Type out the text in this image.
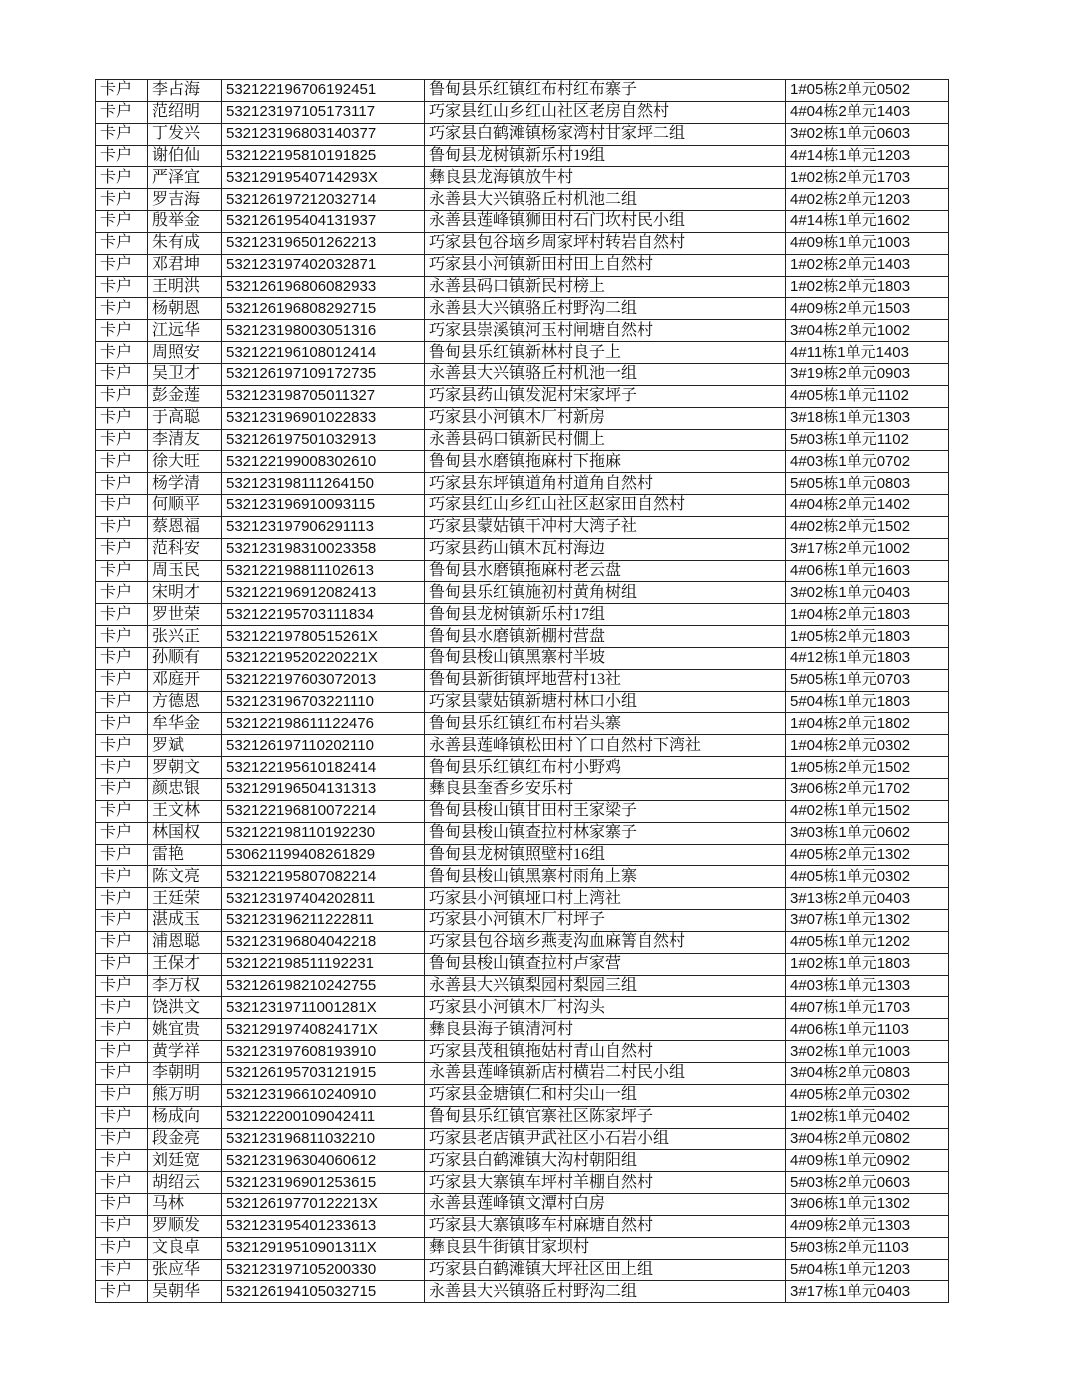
卡户	李占海	532122196706192451	鲁甸县乐红镇红布村红布寨子	1#05栋2单元0502
卡户	范绍明	532123197105173117	巧家县红山乡红山社区老房自然村	4#04栋2单元1403
卡户	丁发兴	532123196803140377	巧家县白鹤滩镇杨家湾村甘家坪二组	3#02栋1单元0603
卡户	谢伯仙	532122195810191825	鲁甸县龙树镇新乐村19组	4#14栋1单元1203
卡户	严泽宜	53212919540714293X	彝良县龙海镇放牛村	1#02栋2单元1703
卡户	罗吉海	532126197212032714	永善县大兴镇骆丘村机池二组	4#02栋2单元1203
卡户	殷举金	532126195404131937	永善县莲峰镇狮田村石门坎村民小组	4#14栋1单元1602
卡户	朱有成	532123196501262213	巧家县包谷垴乡周家坪村转岩自然村	4#09栋1单元1003
卡户	邓君坤	532123197402032871	巧家县小河镇新田村田上自然村	1#02栋2单元1403
卡户	王明洪	532126196806082933	永善县码口镇新民村榜上	1#02栋2单元1803
卡户	杨朝恩	532126196808292715	永善县大兴镇骆丘村野沟二组	4#09栋2单元1503
卡户	江远华	532123198003051316	巧家县崇溪镇河玉村闸塘自然村	3#04栋2单元1002
卡户	周照安	532122196108012414	鲁甸县乐红镇新林村良子上	4#11栋1单元1403
卡户	吴卫才	532126197109172735	永善县大兴镇骆丘村机池一组	3#19栋2单元0903
卡户	彭金莲	532123198705011327	巧家县药山镇发泥村宋家坪子	4#05栋1单元1102
卡户	于高聪	532123196901022833	巧家县小河镇木厂村新房	3#18栋1单元1303
卡户	李清友	532126197501032913	永善县码口镇新民村僩上	5#03栋1单元1102
卡户	徐大旺	532122199008302610	鲁甸县水磨镇拖麻村下拖麻	4#03栋1单元0702
卡户	杨学清	532123198111264150	巧家县东坪镇道角村道角自然村	5#05栋1单元0803
卡户	何顺平	532123196910093115	巧家县红山乡红山社区赵家田自然村	4#04栋2单元1402
卡户	蔡恩福	532123197906291113	巧家县蒙姑镇干冲村大湾子社	4#02栋2单元1502
卡户	范科安	532123198310023358	巧家县药山镇木瓦村海边	3#17栋2单元1002
卡户	周玉民	532122198811102613	鲁甸县水磨镇拖麻村老云盘	4#06栋1单元1603
卡户	宋明才	532122196912082413	鲁甸县乐红镇施初村黄角树组	3#02栋1单元0403
卡户	罗世荣	532122195703111834	鲁甸县龙树镇新乐村17组	1#04栋2单元1803
卡户	张兴正	53212219780515261X	鲁甸县水磨镇新棚村营盘	1#05栋2单元1803
卡户	孙顺有	53212219520220221X	鲁甸县梭山镇黑寨村半坡	4#12栋1单元1803
卡户	邓庭开	532122197603072013	鲁甸县新街镇坪地营村13社	5#05栋1单元0703
卡户	方德恩	532123196703221110	巧家县蒙姑镇新塘村林口小组	5#04栋1单元1803
卡户	牟华金	532122198611122476	鲁甸县乐红镇红布村岩头寨	1#04栋2单元1802
卡户	罗斌	532126197110202110	永善县莲峰镇松田村丫口自然村下湾社	1#04栋2单元0302
卡户	罗朝文	532122195610182414	鲁甸县乐红镇红布村小野鸡	1#05栋2单元1502
卡户	颜忠银	532129196504131313	彝良县奎香乡安乐村	3#06栋2单元1702
卡户	王文林	532122196810072214	鲁甸县梭山镇甘田村王家梁子	4#02栋1单元1502
卡户	林国权	532122198110192230	鲁甸县梭山镇查拉村林家寨子	3#03栋1单元0602
卡户	雷艳	530621199408261829	鲁甸县龙树镇照壁村16组	4#05栋2单元1302
卡户	陈文亮	532122195807082214	鲁甸县梭山镇黑寨村雨角上寨	4#05栋1单元0302
卡户	王廷荣	532123197404202811	巧家县小河镇垭口村上湾社	3#13栋2单元0403
卡户	湛成玉	532123196211222811	巧家县小河镇木厂村坪子	3#07栋1单元1302
卡户	浦恩聪	532123196804042218	巧家县包谷垴乡燕麦沟血麻箐自然村	4#05栋1单元1202
卡户	王保才	532122198511192231	鲁甸县梭山镇查拉村卢家营	1#02栋1单元1803
卡户	李万权	532126198210242755	永善县大兴镇梨园村梨园三组	4#03栋1单元1303
卡户	饶洪文	53212319711001281X	巧家县小河镇木厂村沟头	4#07栋1单元1703
卡户	姚宜贵	53212919740824171X	彝良县海子镇清河村	4#06栋1单元1103
卡户	黄学祥	532123197608193910	巧家县茂租镇拖姑村青山自然村	3#02栋1单元1003
卡户	李朝明	532126195703121915	永善县莲峰镇新店村横岩二村民小组	3#04栋2单元0803
卡户	熊万明	532123196610240910	巧家县金塘镇仁和村尖山一组	4#05栋2单元0302
卡户	杨成向	532122200109042411	鲁甸县乐红镇官寨社区陈家坪子	1#02栋1单元0402
卡户	段金亮	532123196811032210	巧家县老店镇尹武社区小石岩小组	3#04栋2单元0802
卡户	刘廷宽	532123196304060612	巧家县白鹤滩镇大沟村朝阳组	4#09栋1单元0902
卡户	胡绍云	532123196901253615	巧家县大寨镇车坪村羊棚自然村	5#03栋2单元0603
卡户	马林	53212619770122213X	永善县莲峰镇文潭村白房	3#06栋1单元1302
卡户	罗顺发	532123195401233613	巧家县大寨镇哆车村麻塘自然村	4#09栋2单元1303
卡户	文良卓	53212919510901311X	彝良县牛街镇甘家坝村	5#03栋2单元1103
卡户	张应华	532123197105200330	巧家县白鹤滩镇大坪社区田上组	5#04栋1单元1203
卡户	吴朝华	532126194105032715	永善县大兴镇骆丘村野沟二组	3#17栋1单元0403
